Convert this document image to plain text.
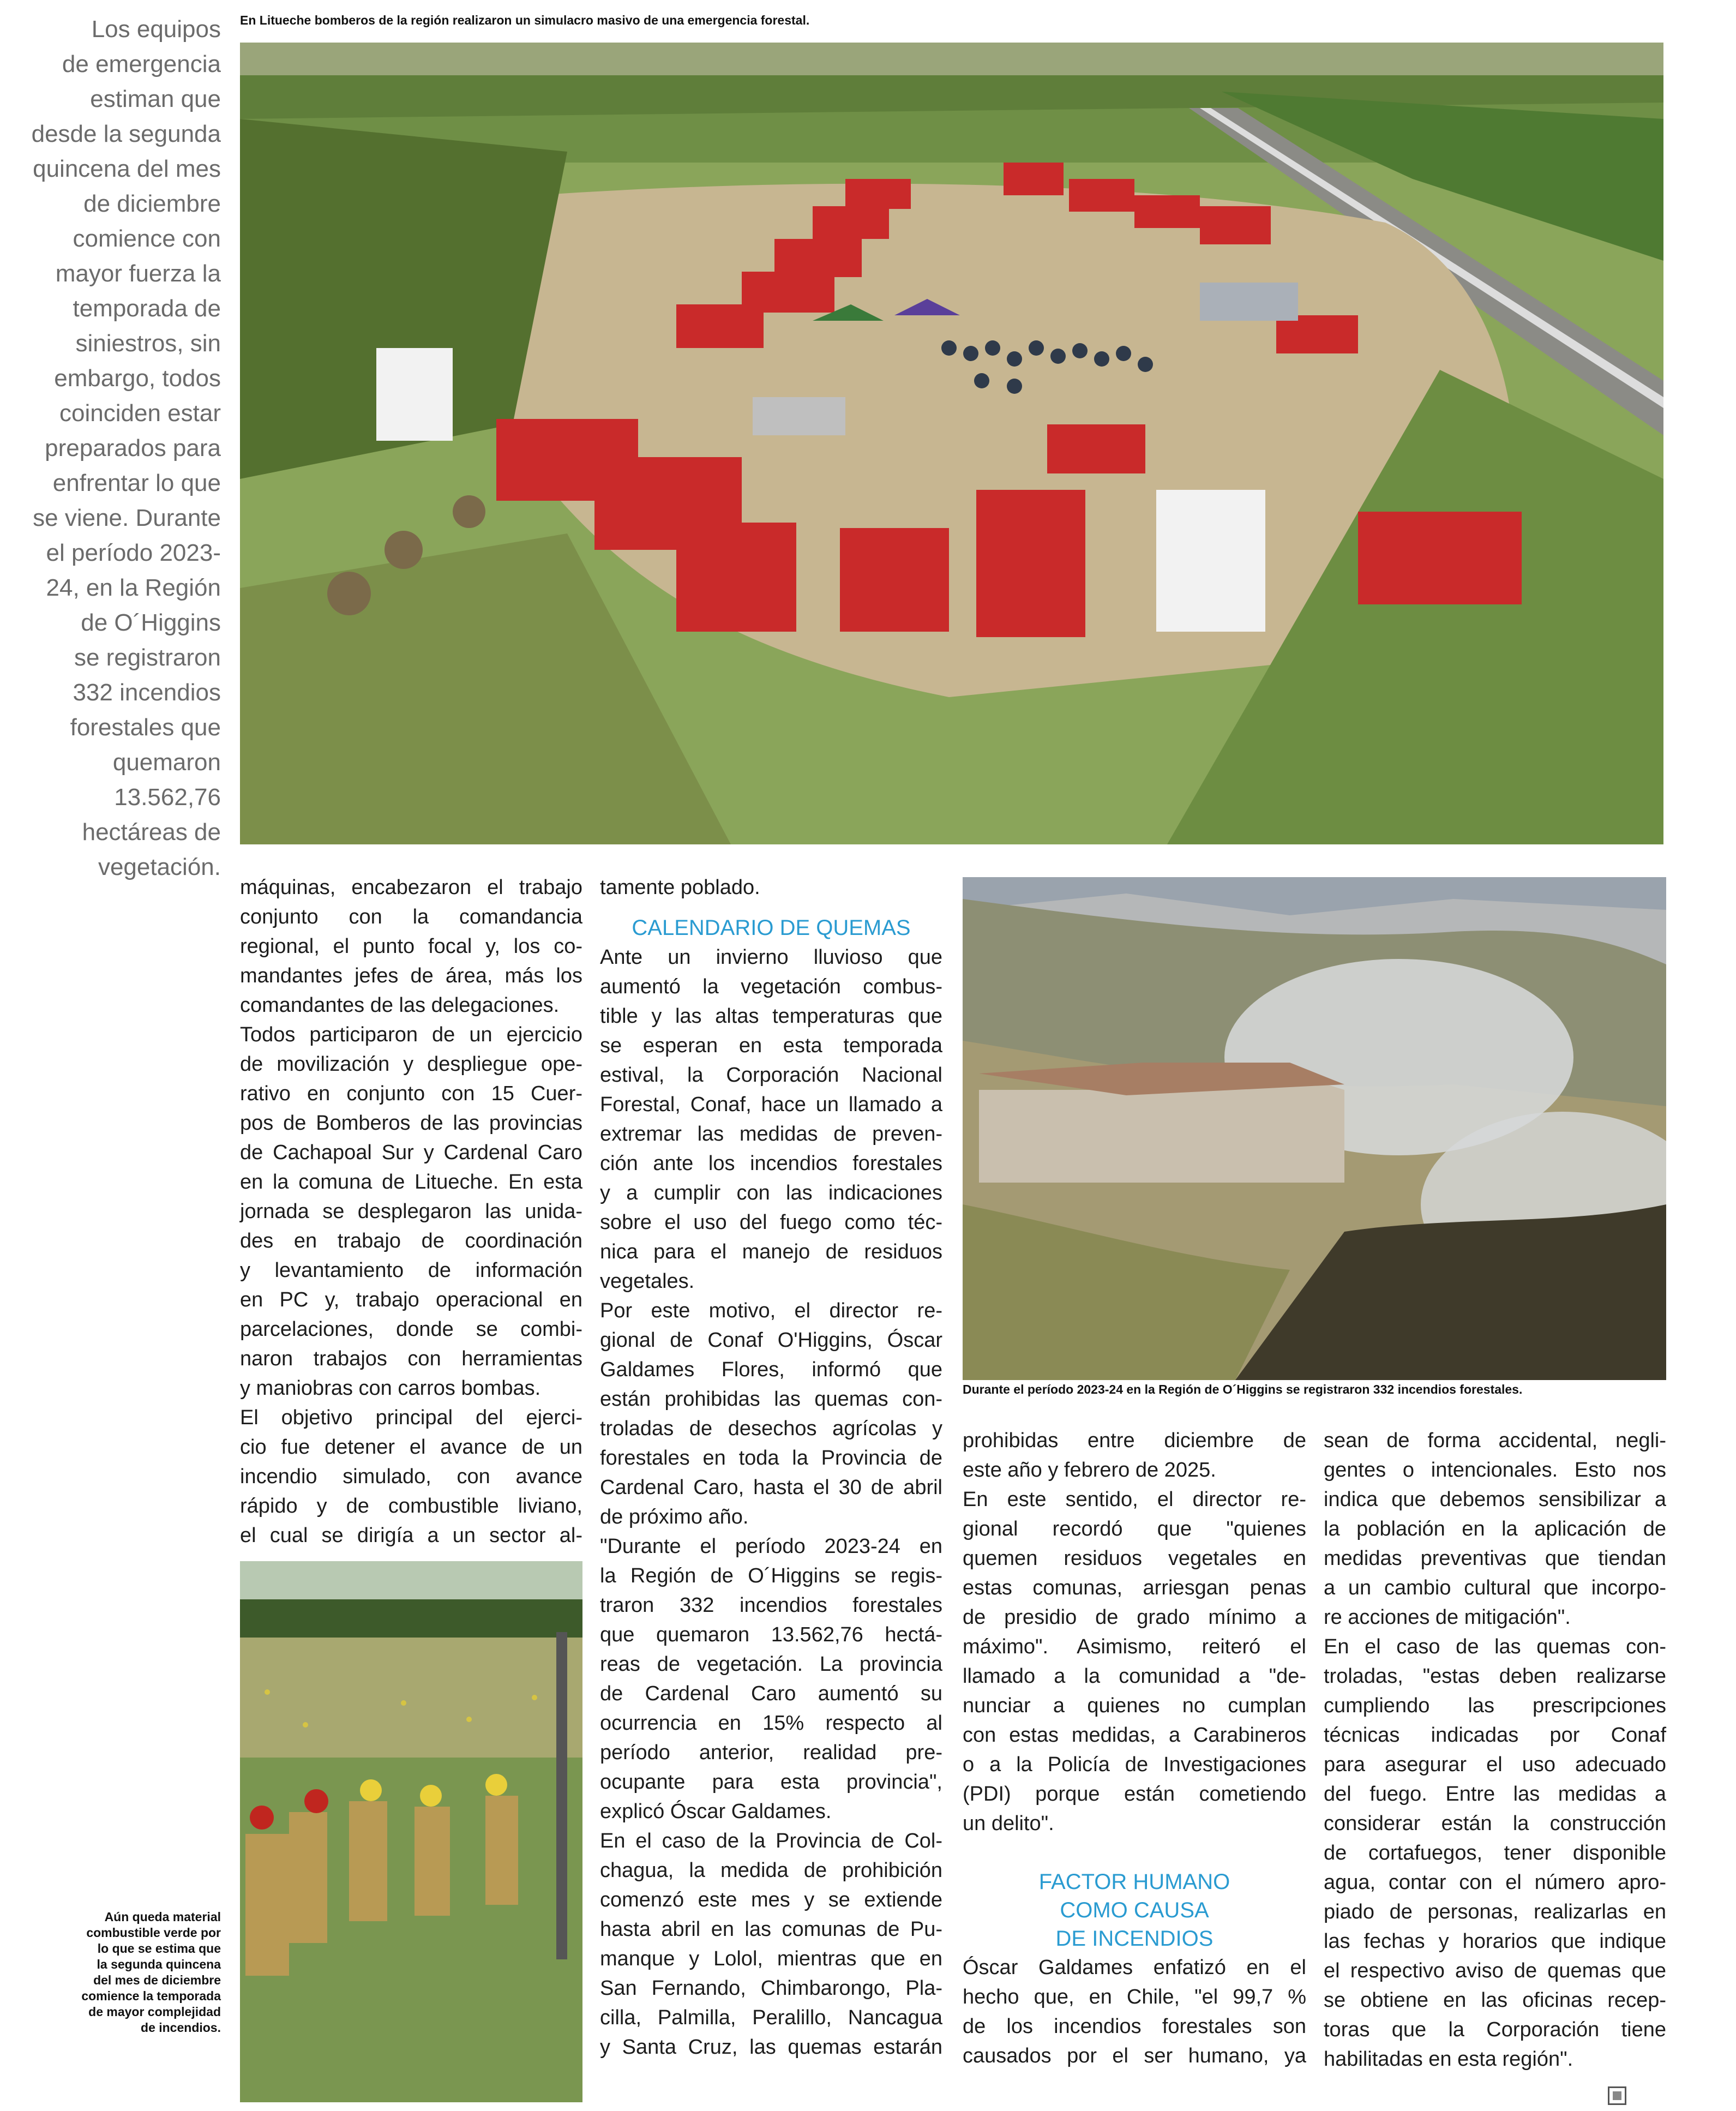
Los equipos
de emergencia
estiman que
desde la segunda
quincena del mes
de diciembre
comience con
mayor fuerza la
temporada de
siniestros, sin
embargo, todos
coinciden estar
preparados para
enfrentar lo que
se viene. Durante
el período 2023-
24, en la Región
de O´Higgins
se registraron
332 incendios
forestales que
quemaron
13.562,76
hectáreas de
vegetación.
En Litueche bomberos de la región realizaron un simulacro masivo de una emergencia forestal.
máquinas, encabezaron el trabajo
conjunto con la comandancia
regional, el punto focal y, los co-
mandantes jefes de área, más los
comandantes de las delegaciones.
Todos participaron de un ejercicio
de movilización y despliegue ope-
rativo en conjunto con 15 Cuer-
pos de Bomberos de las provincias
de Cachapoal Sur y Cardenal Caro
en la comuna de Litueche. En esta
jornada se desplegaron las unida-
des en trabajo de coordinación
y levantamiento de información
en PC y, trabajo operacional en
parcelaciones, donde se combi-
naron trabajos con herramientas
y maniobras con carros bombas.
El objetivo principal del ejerci-
cio fue detener el avance de un
incendio simulado, con avance
rápido y de combustible liviano,
el cual se dirigía a un sector al-
tamente poblado.
CALENDARIO DE QUEMAS
Ante un invierno lluvioso que
aumentó la vegetación combus-
tible y las altas temperaturas que
se esperan en esta temporada
estival, la Corporación Nacional
Forestal, Conaf, hace un llamado a
extremar las medidas de preven-
ción ante los incendios forestales
y a cumplir con las indicaciones
sobre el uso del fuego como téc-
nica para el manejo de residuos
vegetales.
Por este motivo, el director re-
gional de Conaf O'Higgins, Óscar
Galdames Flores, informó que
están prohibidas las quemas con-
troladas de desechos agrícolas y
forestales en toda la Provincia de
Cardenal Caro, hasta el 30 de abril
de próximo año.
"Durante el período 2023-24 en
la Región de O´Higgins se regis-
traron 332 incendios forestales
que quemaron 13.562,76 hectá-
reas de vegetación. La provincia
de Cardenal Caro aumentó su
ocurrencia en 15% respecto al
período anterior, realidad pre-
ocupante para esta provincia",
explicó Óscar Galdames.
En el caso de la Provincia de Col-
chagua, la medida de prohibición
comenzó este mes y se extiende
hasta abril en las comunas de Pu-
manque y Lolol, mientras que en
San Fernando, Chimbarongo, Pla-
cilla, Palmilla, Peralillo, Nancagua
y Santa Cruz, las quemas estarán
Durante el período 2023-24 en la Región de O´Higgins se registraron 332 incendios forestales.
prohibidas entre diciembre de
este año y febrero de 2025.
En este sentido, el director re-
gional recordó que "quienes
quemen residuos vegetales en
estas comunas, arriesgan penas
de presidio de grado mínimo a
máximo". Asimismo, reiteró el
llamado a la comunidad a "de-
nunciar a quienes no cumplan
con estas medidas, a Carabineros
o a la Policía de Investigaciones
(PDI) porque están cometiendo
un delito".
FACTOR HUMANO
COMO CAUSA
DE INCENDIOS
Óscar Galdames enfatizó en el
hecho que, en Chile, "el 99,7 %
de los incendios forestales son
causados por el ser humano, ya
sean de forma accidental, negli-
gentes o intencionales. Esto nos
indica que debemos sensibilizar a
la población en la aplicación de
medidas preventivas que tiendan
a un cambio cultural que incorpo-
re acciones de mitigación".
En el caso de las quemas con-
troladas, "estas deben realizarse
cumpliendo las prescripciones
técnicas indicadas por Conaf
para asegurar el uso adecuado
del fuego. Entre las medidas a
considerar están la construcción
de cortafuegos, tener disponible
agua, contar con el número apro-
piado de personas, realizarlas en
las fechas y horarios que indique
el respectivo aviso de quemas que
se obtiene en las oficinas recep-
toras que la Corporación tiene
habilitadas en esta región".
Aún queda material
combustible verde por
lo que se estima que
la segunda quincena
del mes de diciembre
comience la temporada
de mayor complejidad
de incendios.
